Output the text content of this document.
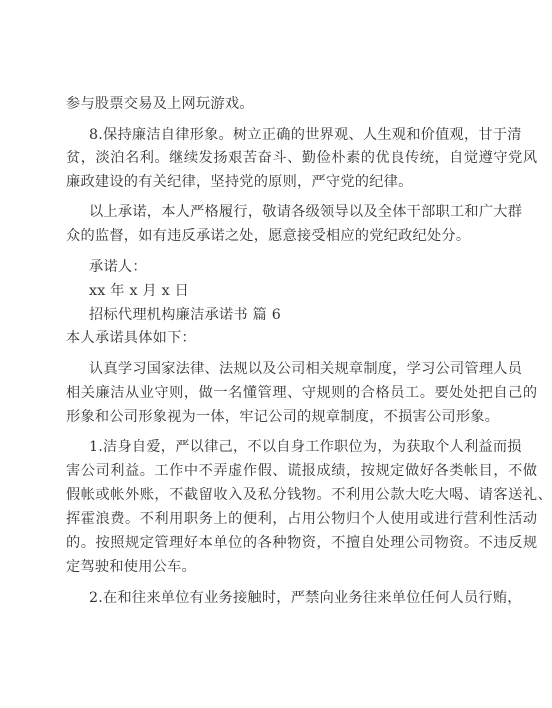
参与股票交易及上网玩游戏。
8.保持廉洁自律形象。树立正确的世界观、人生观和价值观，甘于清
贫，淡泊名利。继续发扬艰苦奋斗、勤俭朴素的优良传统，自觉遵守党风
廉政建设的有关纪律，坚持党的原则，严守党的纪律。
以上承诺，本人严格履行，敬请各级领导以及全体干部职工和广大群
众的监督，如有违反承诺之处，愿意接受相应的党纪政纪处分。
承诺人：
xx 年 x 月 x 日
招标代理机构廉洁承诺书 篇 6
本人承诺具体如下：
认真学习国家法律、法规以及公司相关规章制度，学习公司管理人员
相关廉洁从业守则，做一名懂管理、守规则的合格员工。要处处把自己的
形象和公司形象视为一体，牢记公司的规章制度，不损害公司形象。
1.洁身自爱，严以律己，不以自身工作职位为，为获取个人利益而损
害公司利益。工作中不弄虚作假、谎报成绩，按规定做好各类帐目，不做
假帐或帐外账，不截留收入及私分钱物。不利用公款大吃大喝、请客送礼、
挥霍浪费。不利用职务上的便利，占用公物归个人使用或进行营利性活动
的。按照规定管理好本单位的各种物资，不擅自处理公司物资。不违反规
定驾驶和使用公车。
2.在和往来单位有业务接触时，严禁向业务往来单位任何人员行贿，
